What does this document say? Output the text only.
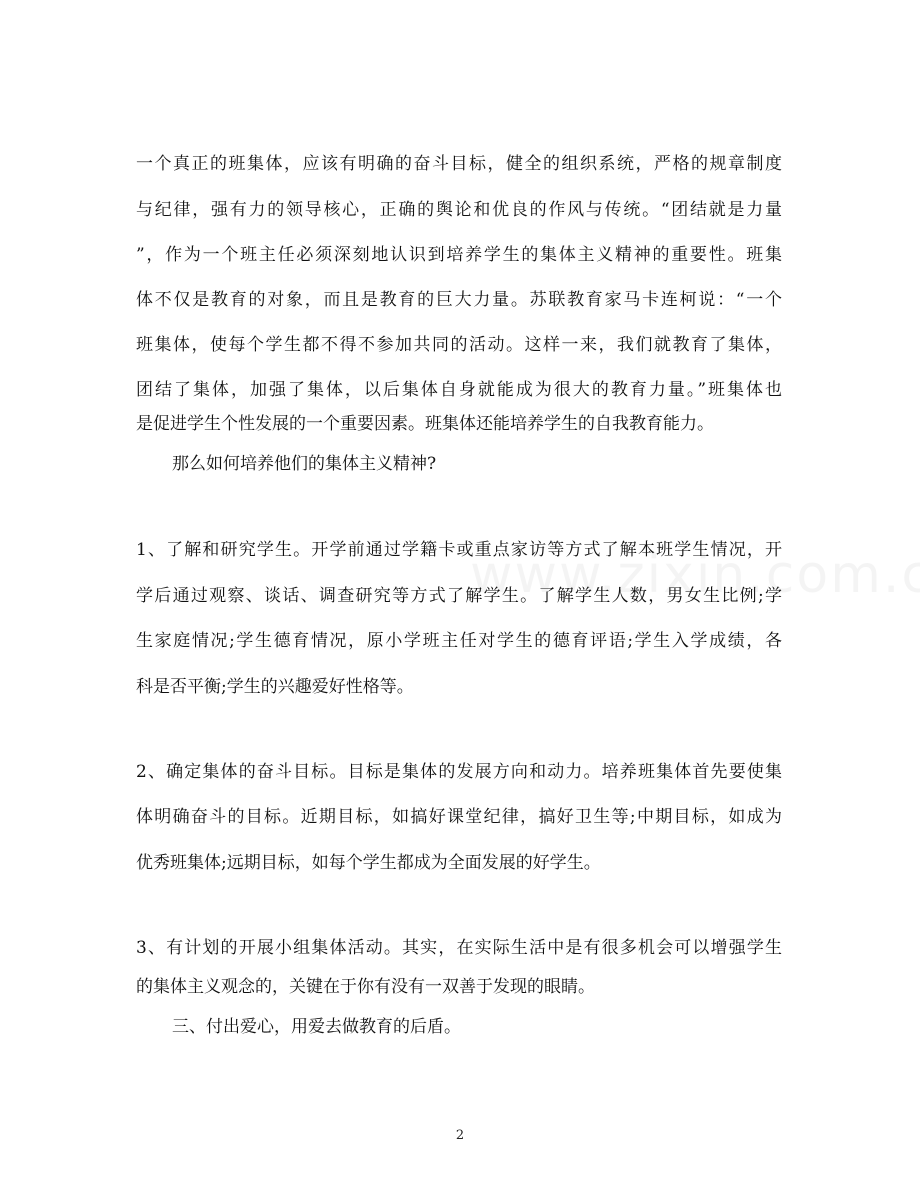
一个真正的班集体，应该有明确的奋斗目标，健全的组织系统，严格的规章制度
与纪律，强有力的领导核心，正确的舆论和优良的作风与传统。“团结就是力量
”，作为一个班主任必须深刻地认识到培养学生的集体主义精神的重要性。班集
体不仅是教育的对象，而且是教育的巨大力量。苏联教育家马卡连柯说：“一个
班集体，使每个学生都不得不参加共同的活动。这样一来，我们就教育了集体，
团结了集体，加强了集体，以后集体自身就能成为很大的教育力量。”班集体也
是促进学生个性发展的一个重要因素。班集体还能培养学生的自我教育能力。
那么如何培养他们的集体主义精神?
1、了解和研究学生。开学前通过学籍卡或重点家访等方式了解本班学生情况，开
学后通过观察、谈话、调查研究等方式了解学生。了解学生人数，男女生比例;学
生家庭情况;学生德育情况，原小学班主任对学生的德育评语;学生入学成绩，各
科是否平衡;学生的兴趣爱好性格等。
2、确定集体的奋斗目标。目标是集体的发展方向和动力。培养班集体首先要使集
体明确奋斗的目标。近期目标，如搞好课堂纪律，搞好卫生等;中期目标，如成为
优秀班集体;远期目标，如每个学生都成为全面发展的好学生。
3、有计划的开展小组集体活动。其实，在实际生活中是有很多机会可以增强学生
的集体主义观念的，关键在于你有没有一双善于发现的眼睛。
三、付出爱心，用爱去做教育的后盾。
2
